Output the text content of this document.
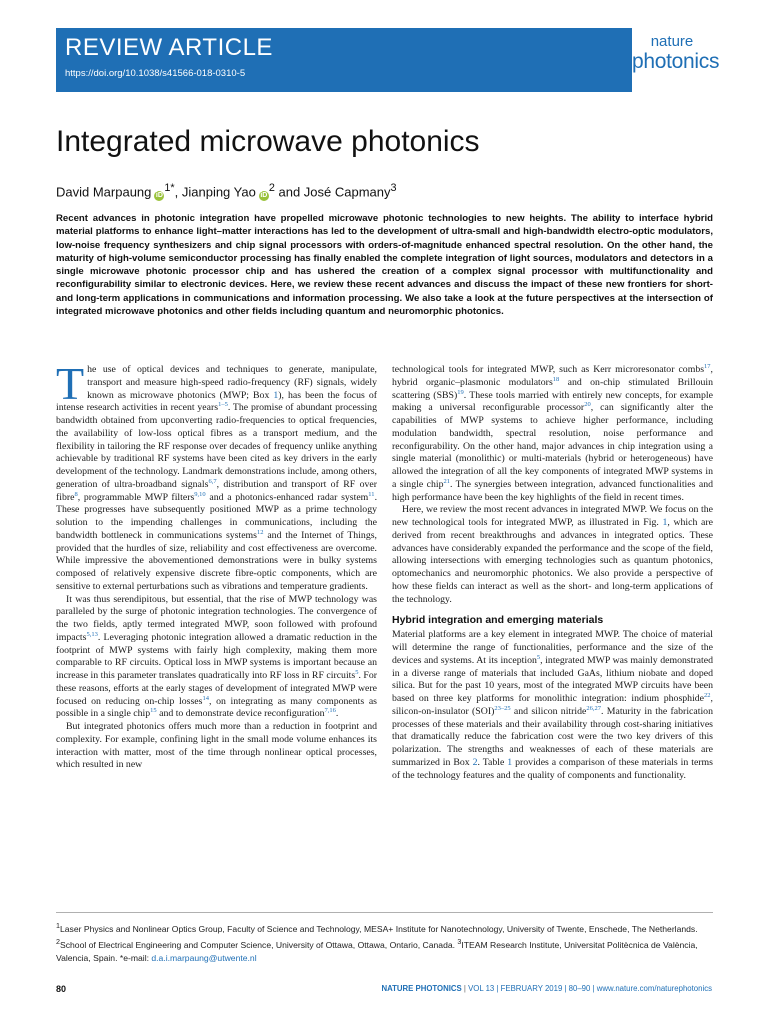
REVIEW ARTICLE
https://doi.org/10.1038/s41566-018-0310-5
nature
photonics
Integrated microwave photonics
David Marpaung $iD^{1*}$, Jianping Yao $iD^2$ and José Capmany$^3$

Recent advances in photonic integration have propelled microwave photonic technologies to new heights. The ability to interface hybrid material platforms to enhance light–matter interactions has led to the development of ultra-small and high-bandwidth electro-optic modulators, low-noise frequency synthesizers and chip signal processors with orders-of-magnitude enhanced spectral resolution. On the other hand, the maturity of high-volume semiconductor processing has finally enabled the complete integration of light sources, modulators and detectors in a single microwave photonic processor chip and has ushered the creation of a complex signal processor with multifunctionality and reconfigurability similar to electronic devices. Here, we review these recent advances and discuss the impact of these new frontiers for short- and long-term applications in communications and information processing. We also take a look at the future perspectives at the intersection of integrated microwave photonics and other fields including quantum and neuromorphic photonics.

The use of optical devices and techniques to generate, manipulate, transport and measure high-speed radio-frequency (RF) signals, widely known as microwave photonics (MWP; Box 1), has been the focus of intense research activities in recent years$^{1-5}$. The promise of abundant processing bandwidth obtained from upconverting radio-frequencies to optical frequencies, the availability of low-loss optical fibres as a transport medium, and the flexibility in tailoring the RF response over decades of frequency unlike anything achievable by traditional RF systems have been cited as key drivers in the early development of the technology. Landmark demonstrations include, among others, generation of ultra-broadband signals$^{6,7}$, distribution and transport of RF over fibre$^8$, programmable MWP filters$^{9,10}$ and a photonics-enhanced radar system$^{11}$. These progresses have subsequently positioned MWP as a prime technology solution to the impending challenges in communications, including the bandwidth bottleneck in communications systems$^{12}$ and the Internet of Things, provided that the hurdles of size, reliability and cost effectiveness are overcome. While impressive the abovementioned demonstrations were in bulky systems composed of relatively expensive discrete fibre-optic components, which are sensitive to external perturbations such as vibrations and temperature gradients.

It was thus serendipitous, but essential, that the rise of MWP technology was paralleled by the surge of photonic integration technologies. The convergence of the two fields, aptly termed integrated MWP, soon followed with profound impacts$^{5,13}$. Leveraging photonic integration allowed a dramatic reduction in the footprint of MWP systems with fairly high complexity, making them more comparable to RF circuits. Optical loss in MWP systems is important because an increase in this parameter translates quadratically into RF loss in RF circuits$^5$. For these reasons, efforts at the early stages of development of integrated MWP were focused on reducing on-chip losses$^{14}$, on integrating as many components as possible in a single chip$^{15}$ and to demonstrate device reconfiguration$^{7,16}$.

But integrated photonics offers much more than a reduction in footprint and complexity. For example, confining light in the small mode volume enhances its interaction with matter, most of the time through nonlinear optical processes, which resulted in new

technological tools for integrated MWP, such as Kerr microresonator combs$^{17}$, hybrid organic–plasmonic modulators$^{18}$ and on-chip stimulated Brillouin scattering (SBS)$^{19}$. These tools married with entirely new concepts, for example making a universal reconfigurable processor$^{20}$, can significantly alter the capabilities of MWP systems to achieve higher performance, including modulation bandwidth, spectral resolution, noise performance and reconfigurability. On the other hand, major advances in chip integration using a single material (monolithic) or multi-materials (hybrid or heterogeneous) have allowed the integration of all the key components of integrated MWP systems in a single chip$^{21}$. The synergies between integration, advanced functionalities and high performance have been the key highlights of the field in recent times.

Here, we review the most recent advances in integrated MWP. We focus on the new technological tools for integrated MWP, as illustrated in Fig. 1, which are derived from recent breakthroughs and advances in integrated optics. These advances have considerably expanded the performance and the scope of the field, allowing intersections with emerging technologies such as quantum photonics, optomechanics and neuromorphic photonics. We also provide a perspective of how these fields can interact as well as the short- and long-term applications of the technology.

Hybrid integration and emerging materials

Material platforms are a key element in integrated MWP. The choice of material will determine the range of functionalities, performance and the size of the devices and systems. At its inception$^5$, integrated MWP was mainly demonstrated in a diverse range of materials that included GaAs, lithium niobate and doped silica. But for the past 10 years, most of the integrated MWP circuits have been based on three key platforms for monolithic integration: indium phosphide$^{22}$, silicon-on-insulator (SOI)$^{23-25}$ and silicon nitride$^{26,27}$. Maturity in the fabrication processes of these materials and their availability through cost-sharing initiatives that dramatically reduce the fabrication cost were the two key drivers of this polarization. The strengths and weaknesses of each of these materials are summarized in Box 2. Table 1 provides a comparison of these materials in terms of the technology features and the quality of components and functionality.

$^1$Laser Physics and Nonlinear Optics Group, Faculty of Science and Technology, MESA+ Institute for Nanotechnology, University of Twente, Enschede, The Netherlands. $^2$School of Electrical Engineering and Computer Science, University of Ottawa, Ottawa, Ontario, Canada. $^3$ITEAM Research Institute, Universitat Politècnica de València, Valencia, Spain. *e-mail: d.a.i.marpaung@utwente.nl

80	NATURE PHOTONICS | VOL 13 | FEBRUARY 2019 | 80–90 | www.nature.com/naturephotonics
